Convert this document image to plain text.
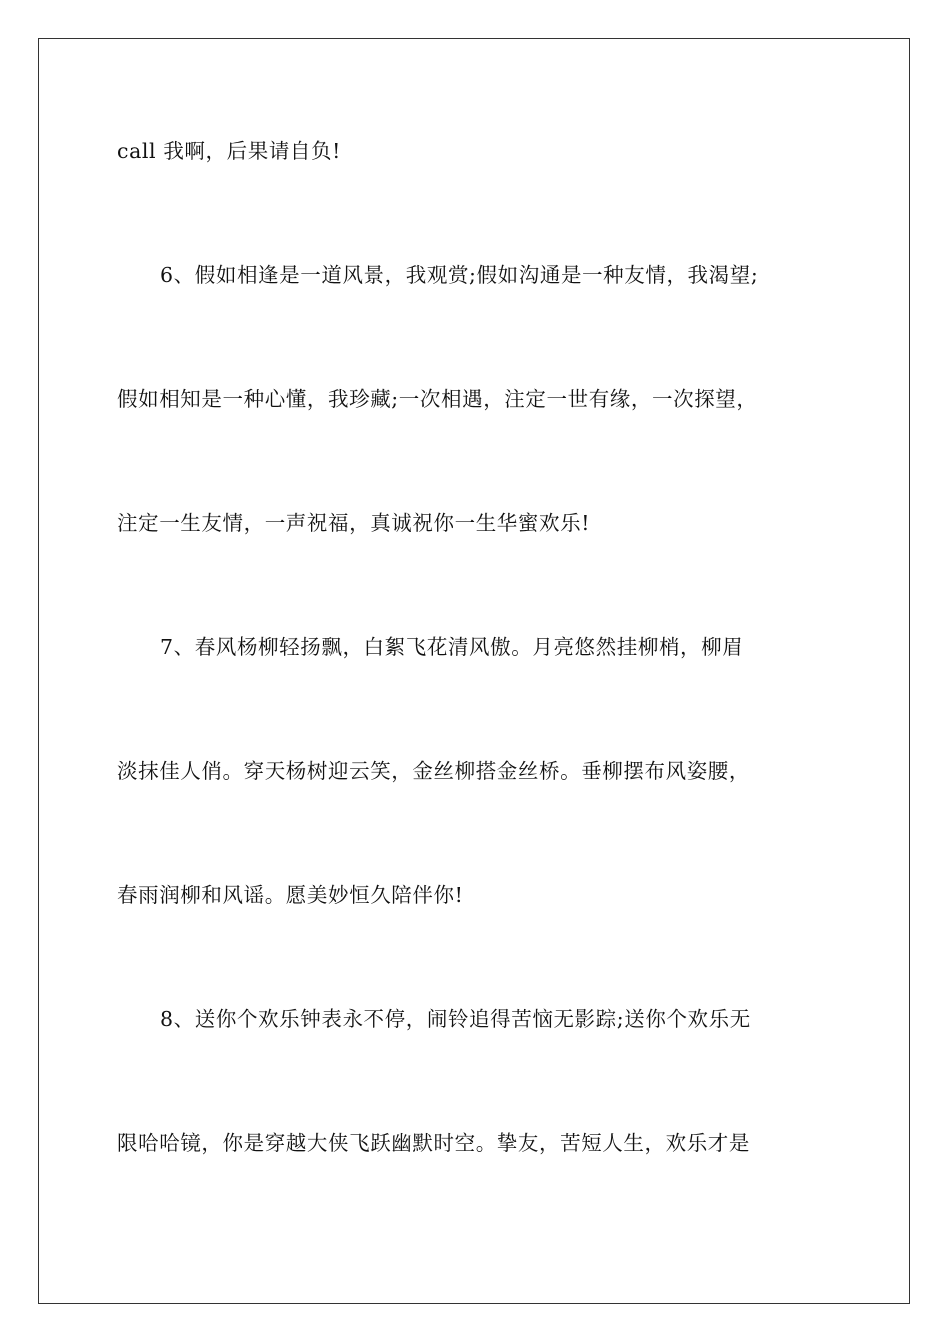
call 我啊，后果请自负!
6、假如相逢是一道风景，我观赏;假如沟通是一种友情，我渴望;
假如相知是一种心懂，我珍藏;一次相遇，注定一世有缘，一次探望，
注定一生友情，一声祝福，真诚祝你一生华蜜欢乐!
7、春风杨柳轻扬飘，白絮飞花清风傲。月亮悠然挂柳梢，柳眉
淡抹佳人俏。穿天杨树迎云笑，金丝柳搭金丝桥。垂柳摆布风姿腰，
春雨润柳和风谣。愿美妙恒久陪伴你!
8、送你个欢乐钟表永不停，闹铃追得苦恼无影踪;送你个欢乐无
限哈哈镜，你是穿越大侠飞跃幽默时空。挚友，苦短人生，欢乐才是
